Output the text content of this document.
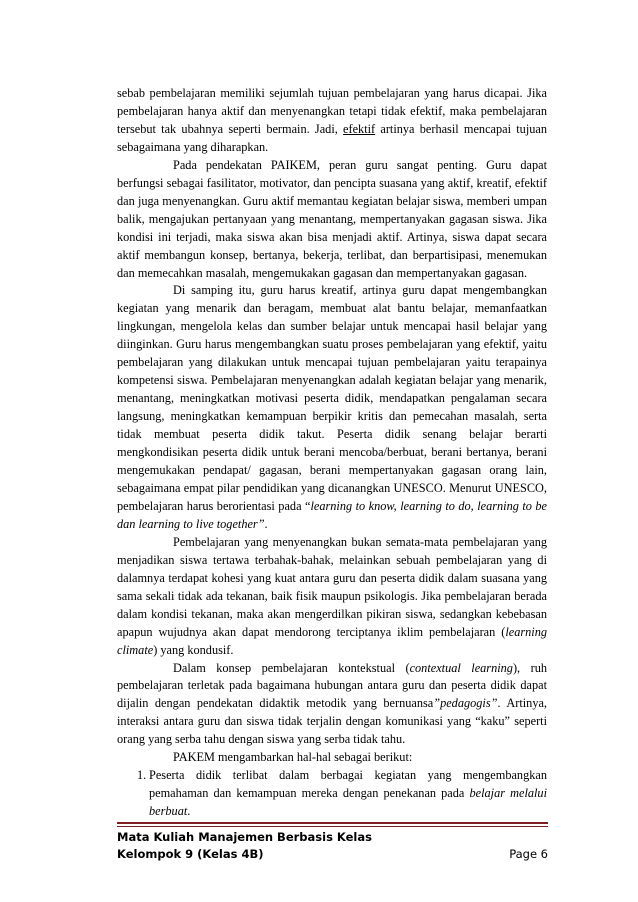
sebab pembelajaran memiliki sejumlah tujuan pembelajaran yang harus dicapai. Jika pembelajaran hanya aktif dan menyenangkan tetapi tidak efektif, maka pembelajaran tersebut tak ubahnya seperti bermain. Jadi, efektif artinya berhasil mencapai tujuan sebagaimana yang diharapkan.

Pada pendekatan PAIKEM, peran guru sangat penting. Guru dapat berfungsi sebagai fasilitator, motivator, dan pencipta suasana yang aktif, kreatif, efektif dan juga menyenangkan. Guru aktif memantau kegiatan belajar siswa, memberi umpan balik, mengajukan pertanyaan yang menantang, mempertanyakan gagasan siswa. Jika kondisi ini terjadi, maka siswa akan bisa menjadi aktif. Artinya, siswa dapat secara aktif membangun konsep, bertanya, bekerja, terlibat, dan berpartisipasi, menemukan dan memecahkan masalah, mengemukakan gagasan dan mempertanyakan gagasan.

Di samping itu, guru harus kreatif, artinya guru dapat mengembangkan kegiatan yang menarik dan beragam, membuat alat bantu belajar, memanfaatkan lingkungan, mengelola kelas dan sumber belajar untuk mencapai hasil belajar yang diinginkan. Guru harus mengembangkan suatu proses pembelajaran yang efektif, yaitu pembelajaran yang dilakukan untuk mencapai tujuan pembelajaran yaitu terapainya kompetensi siswa. Pembelajaran menyenangkan adalah kegiatan belajar yang menarik, menantang, meningkatkan motivasi peserta didik, mendapatkan pengalaman secara langsung, meningkatkan kemampuan berpikir kritis dan pemecahan masalah, serta tidak membuat peserta didik takut. Peserta didik senang belajar berarti mengkondisikan peserta didik untuk berani mencoba/berbuat, berani bertanya, berani mengemukakan pendapat/ gagasan, berani mempertanyakan gagasan orang lain, sebagaimana empat pilar pendidikan yang dicanangkan UNESCO. Menurut UNESCO, pembelajaran harus berorientasi pada “learning to know, learning to do, learning to be dan learning to live together”.

Pembelajaran yang menyenangkan bukan semata-mata pembelajaran yang menjadikan siswa tertawa terbahak-bahak, melainkan sebuah pembelajaran yang di dalamnya terdapat kohesi yang kuat antara guru dan peserta didik dalam suasana yang sama sekali tidak ada tekanan, baik fisik maupun psikologis. Jika pembelajaran berada dalam kondisi tekanan, maka akan mengerdilkan pikiran siswa, sedangkan kebebasan apapun wujudnya akan dapat mendorong terciptanya iklim pembelajaran (learning climate) yang kondusif.

Dalam konsep pembelajaran kontekstual (contextual learning), ruh pembelajaran terletak pada bagaimana hubungan antara guru dan peserta didik dapat dijalin dengan pendekatan didaktik metodik yang bernuansa”pedagogis”. Artinya, interaksi antara guru dan siswa tidak terjalin dengan komunikasi yang “kaku” seperti orang yang serba tahu dengan siswa yang serba tidak tahu.

PAKEM mengambarkan hal-hal sebagai berikut:

1. Peserta didik terlibat dalam berbagai kegiatan yang mengembangkan pemahaman dan kemampuan mereka dengan penekanan pada belajar melalui berbuat.
Mata Kuliah Manajemen Berbasis Kelas
Kelompok 9 (Kelas 4B)	Page 6
